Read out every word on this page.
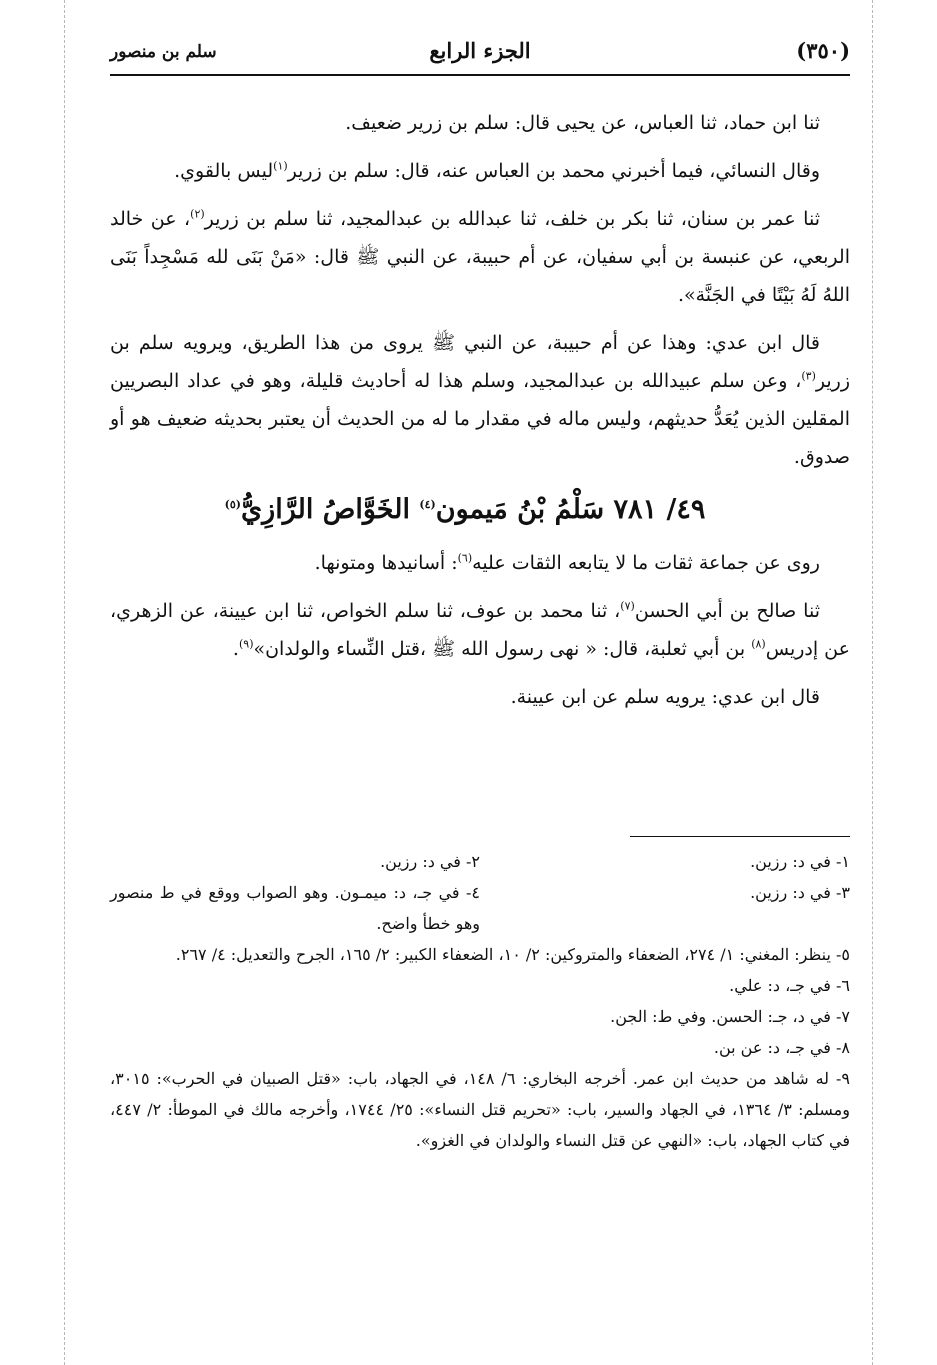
(٣٥٠)
الجزء الرابع
سلم بن منصور

ثنا ابن حماد، ثنا العباس، عن يحيى قال: سلم بن زرير ضعيف.

وقال النسائي، فيما أخبرني محمد بن العباس عنه، قال: سلم بن زرير$^{(١)}$ليس بالقوي.

ثنا عمر بن سنان، ثنا بكر بن خلف، ثنا عبدالله بن عبدالمجيد، ثنا سلم بن زرير$^{(٢)}$، عن خالد الربعي، عن عنبسة بن أبي سفيان، عن أم حبيبة، عن النبي ﷺ قال: «مَنْ بَنَى لله مَسْجِداً بَنَى اللهُ لَهُ بَيْتًا في الجَنَّة».

قال ابن عدي: وهذا عن أم حبيبة، عن النبي ﷺ يروى من هذا الطريق، ويرويه سلم بن زرير$^{(٣)}$، وعن سلم عبيدالله بن عبدالمجيد، وسلم هذا له أحاديث قليلة، وهو في عداد البصريين المقلين الذين يُعَدُّ حديثهم، وليس ماله في مقدار ما له من الحديث أن يعتبر بحديثه ضعيف هو أو صدوق.

٤٩/ ٧٨١ سَلْمُ بْنُ مَيمون$^{(٤)}$ الخَوَّاصُ الرَّازِيُّ$^{(٥)}$

روى عن جماعة ثقات ما لا يتابعه الثقات عليه$^{(٦)}$: أسانيدها ومتونها.

ثنا صالح بن أبي الحسن$^{(٧)}$، ثنا محمد بن عوف، ثنا سلم الخواص، ثنا ابن عيينة، عن الزهري، عن إدريس$^{(٨)}$ بن أبي ثعلبة، قال: « نهى رسول الله ﷺ ،قتل النِّساء والولدان»$^{(٩)}$.

قال ابن عدي: يرويه سلم عن ابن عيينة.

١- في د: رزين.
٢- في د: رزين.
٣- في د: رزين.
٤- في جـ، د: ميمـون. وهو الصواب ووقع في ط منصور وهو خطأ واضح.

٥- ينظر: المغني: ١/ ٢٧٤، الضعفاء والمتروكين: ٢/ ١٠، الضعفاء الكبير: ٢/ ١٦٥، الجرح والتعديل: ٤/ ٢٦٧.

٦- في جـ، د: علي.

٧- في د، جـ: الحسن. وفي ط: الجن.

٨- في جـ، د: عن بن.

٩- له شاهد من حديث ابن عمر. أخرجه البخاري: ٦/ ١٤٨، في الجهاد، باب: «قتل الصبيان في الحرب»: ٣٠١٥، ومسلم: ٣/ ١٣٦٤، في الجهاد والسير، باب: «تحريم قتل النساء»: ٢٥/ ١٧٤٤، وأخرجه مالك في الموطأ: ٢/ ٤٤٧، في كتاب الجهاد، باب: «النهي عن قتل النساء والولدان في الغزو».
